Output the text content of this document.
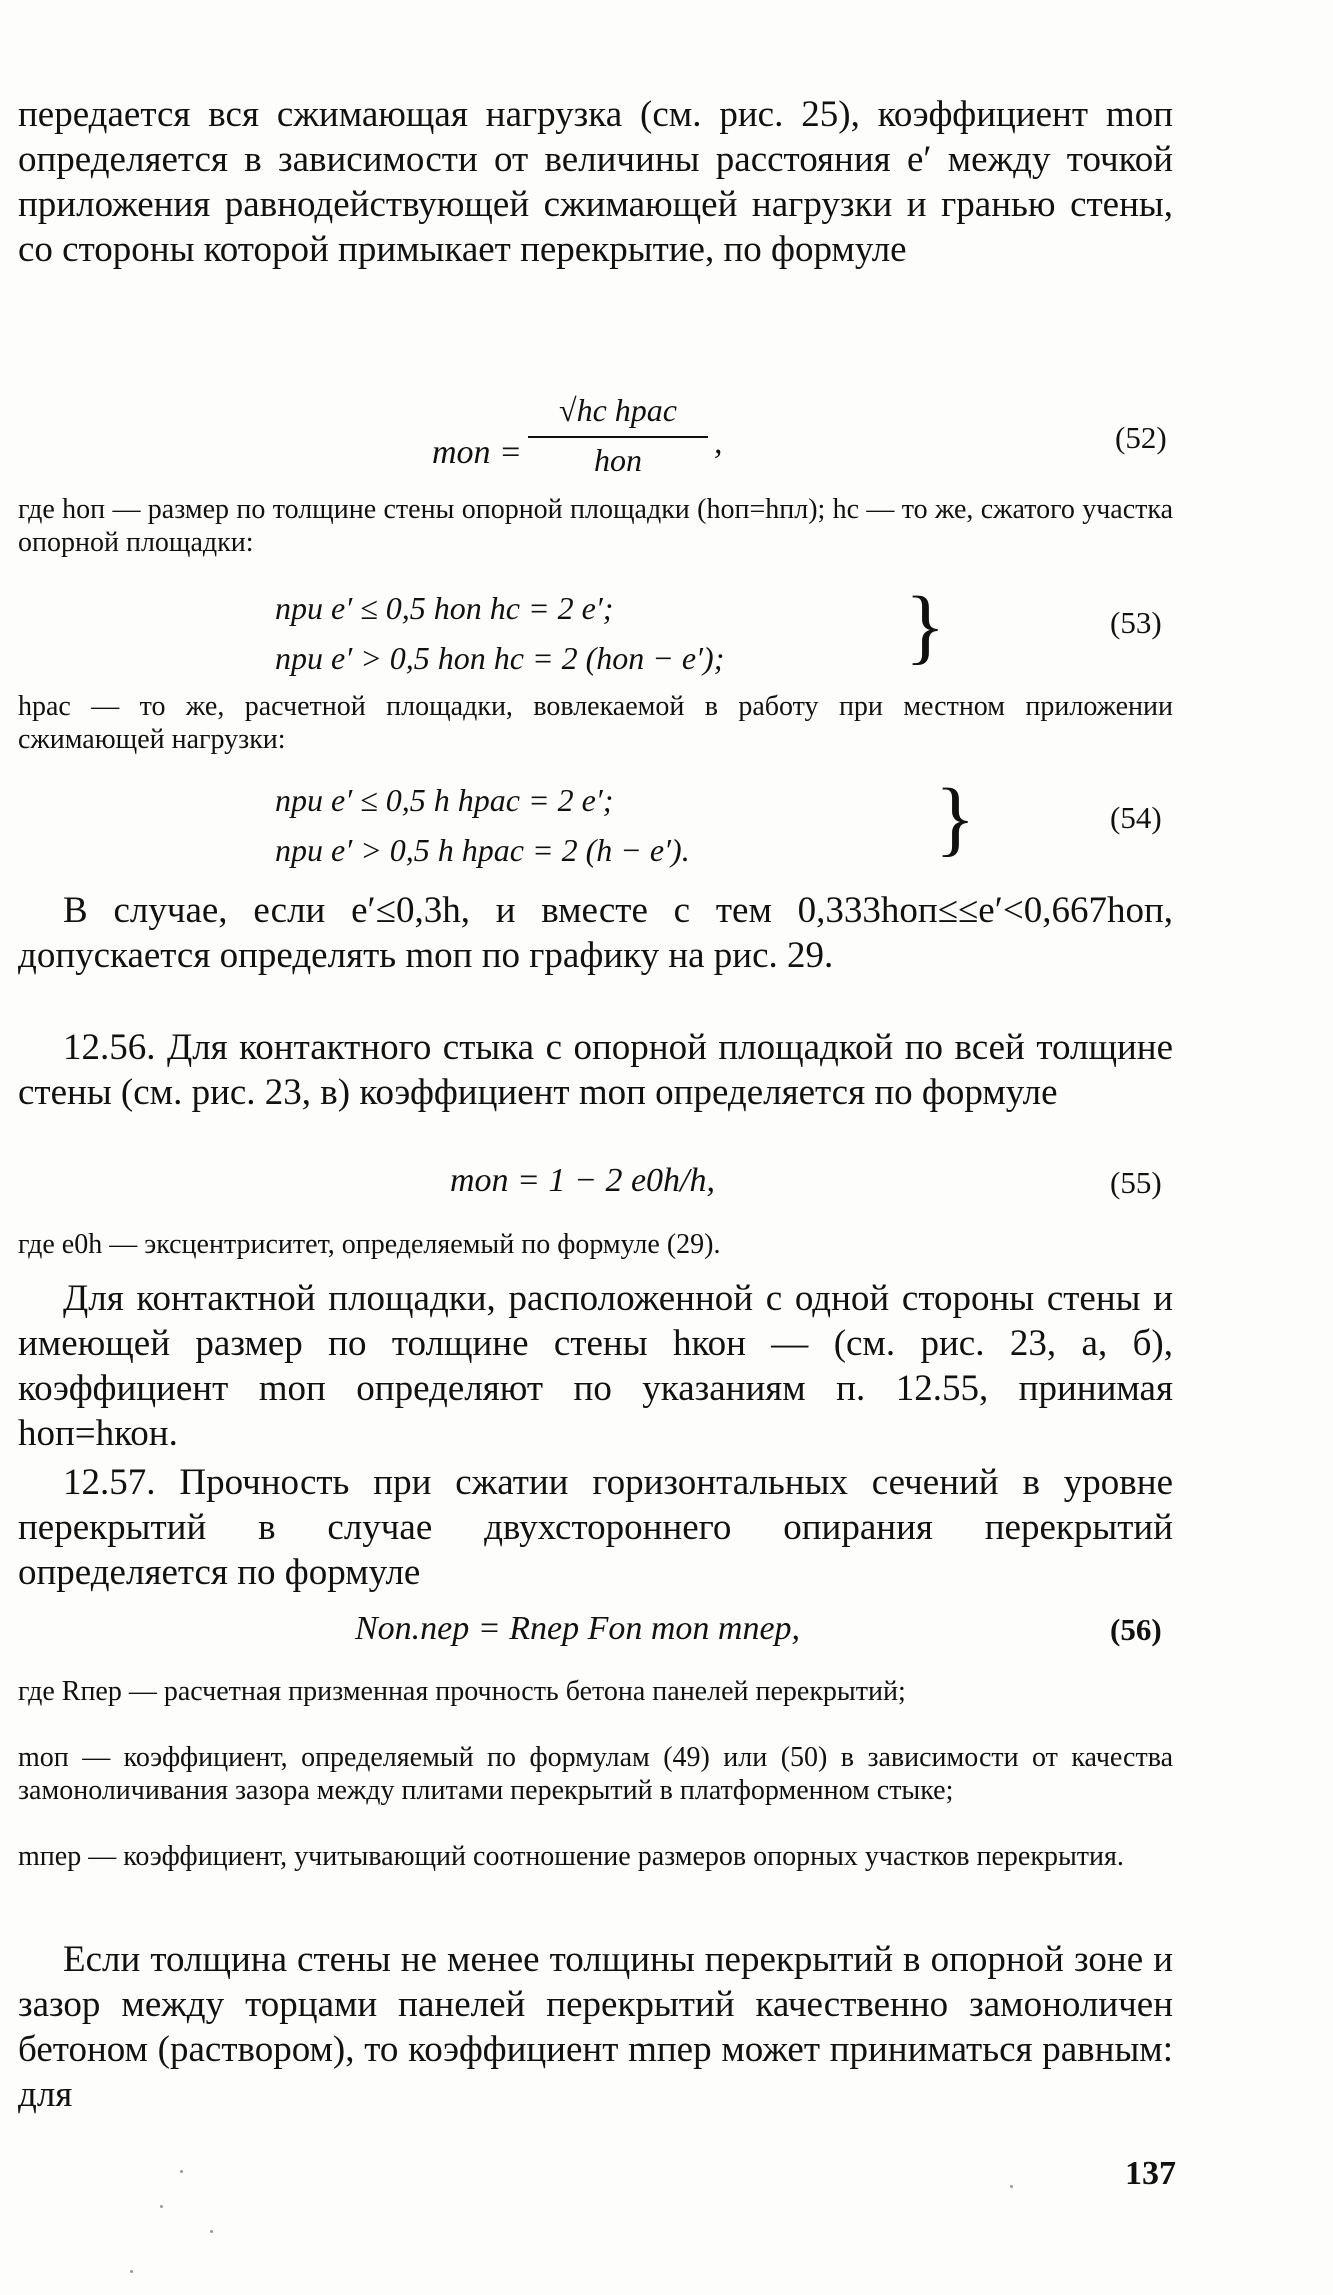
передается вся сжимающая нагрузка (см. рис. 25), коэффициент mоп определяется в зависимости от величины расстояния e′ между точкой приложения равнодействующей сжимающей нагрузки и гранью стены, со стороны которой примыкает перекрытие, по формуле
mоп =
√hс hрас
hоп	,	(52)
где hоп — размер по толщине стены опорной площадки (hоп=hпл); hс — то же, сжатого участка опорной площадки:
при e′ ≤ 0,5 hоп hс = 2 e′;
при e′ > 0,5 hоп hс = 2 (hоп − e′); }	(53)
hрас — то же, расчетной площадки, вовлекаемой в работу при местном приложении сжимающей нагрузки:
при e′ ≤ 0,5 h hрас = 2 e′;
при e′ > 0,5 h hрас = 2 (h − e′).	}	(54)
В случае, если e′≤0,3h, и вместе с тем 0,333hоп≤≤e′<0,667hоп, допускается определять mоп по графику на рис. 29.
12.56. Для контактного стыка с опорной площадкой по всей толщине стены (см. рис. 23, в) коэффициент mоп определяется по формуле
mоп = 1 − 2 e0h/h,	(55)
где e0h — эксцентриситет, определяемый по формуле (29).
Для контактной площадки, расположенной с одной стороны стены и имеющей размер по толщине стены hкон — (см. рис. 23, а, б), коэффициент mоп определяют по указаниям п. 12.55, принимая hоп=hкон.
12.57. Прочность при сжатии горизонтальных сечений в уровне перекрытий в случае двухстороннего опирания перекрытий определяется по формуле
Nоп.пер = Rпер Fоп mоп mпер,	(56)
где Rпер — расчетная призменная прочность бетона панелей перекрытий;
mоп — коэффициент, определяемый по формулам (49) или (50) в зависимости от качества замоноличивания зазора между плитами перекрытий в платформенном стыке;
mпер — коэффициент, учитывающий соотношение размеров опорных участков перекрытия.
Если толщина стены не менее толщины перекрытий в опорной зоне и зазор между торцами панелей перекрытий качественно замоноличен бетоном (раствором), то коэффициент mпер может приниматься равным: для
137
